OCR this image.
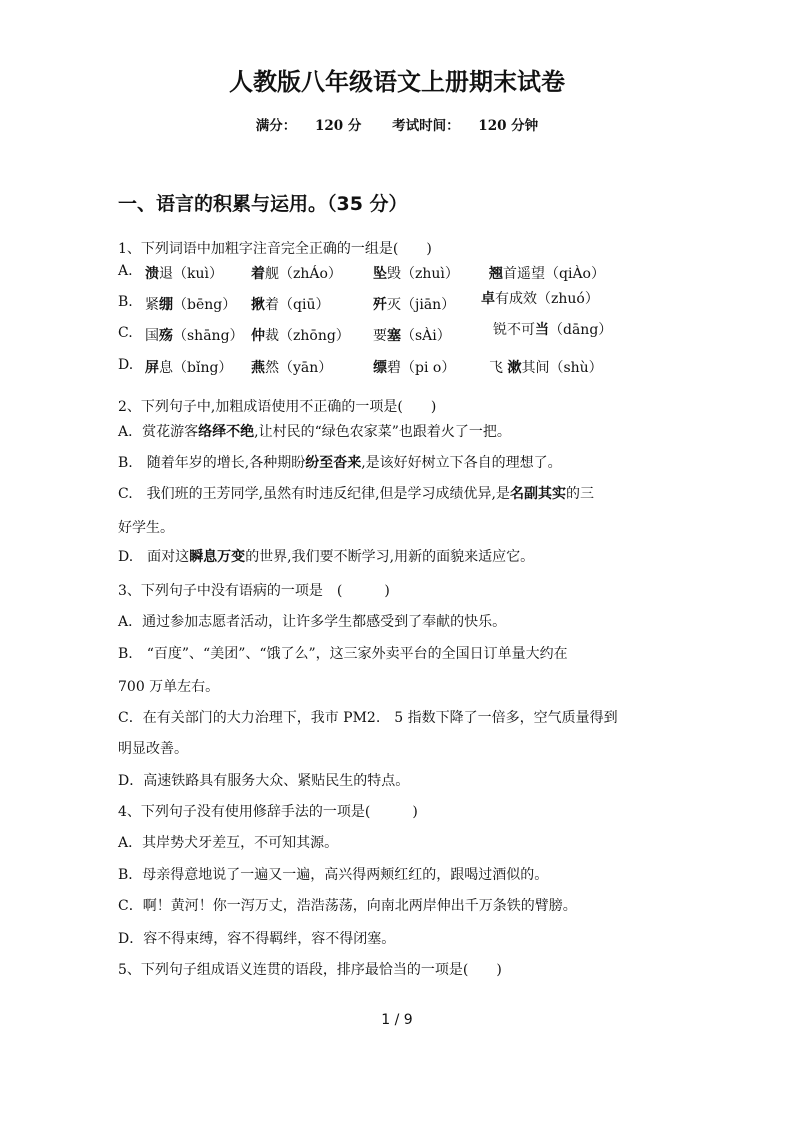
人教版八年级语文上册期末试卷
满分： 120 分 考试时间： 120 分钟
一、语言的积累与运用。（35 分）
1、下列词语中加粗字注音完全正确的一组是(　　)
A. 溃退（kuì） 着舰（zhÁo） 坠毁（zhuì） 翘首遥望（qiÀo）
B. 紧绷（bēng） 揪着（qiū）	歼灭（jiān） 卓有成效（zhuó）
C. 国殇（shāng） 仲裁（zhōng） 要塞（sÀi）	锐不可当（dāng）
D. 屏息（bǐng） 燕然（yān）	缥碧（pi o） 飞 漱其间（shù）
2、下列句子中,加粗成语使用不正确的一项是(　　)
A．赏花游客络绎不绝,让村民的“绿色农家菜”也跟着火了一把。
B.　随着年岁的增长,各种期盼纷至沓来,是该好好树立下各自的理想了。
C.　我们班的王芳同学,虽然有时违反纪律,但是学习成绩优异,是名副其实的三
好学生。
D.　面对这瞬息万变的世界,我们要不断学习,用新的面貌来适应它。
3、下列句子中没有语病的一项是　(　　　)
A．通过参加志愿者活动，让许多学生都感受到了奉献的快乐。
B.　“百度”、“美团”、“饿了么”，这三家外卖平台的全国日订单量大约在
700 万单左右。
C．在有关部门的大力治理下，我市 PM2.　5 指数下降了一倍多，空气质量得到
明显改善。
D．高速铁路具有服务大众、紧贴民生的特点。
4、下列句子没有使用修辞手法的一项是(　　　)
A．其岸势犬牙差互，不可知其源。
B．母亲得意地说了一遍又一遍，高兴得两颊红红的，跟喝过酒似的。
C．啊！黄河！你一泻万丈，浩浩荡荡，向南北两岸伸出千万条铁的臂膀。
D．容不得束缚，容不得羁绊，容不得闭塞。
5、下列句子组成语义连贯的语段，排序最恰当的一项是(　　)
1 / 9
